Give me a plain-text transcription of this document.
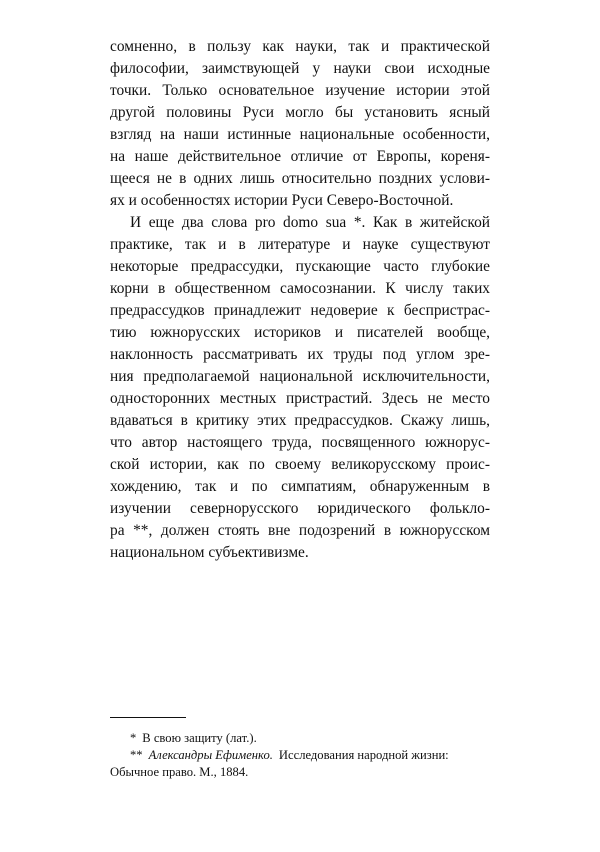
сомненно, в пользу как науки, так и практической
философии, заимствующей у науки свои исходные
точки. Только основательное изучение истории этой
другой половины Руси могло бы установить ясный
взгляд на наши истинные национальные особенности,
на наше действительное отличие от Европы, кореня-
щееся не в одних лишь относительно поздних услови-
ях и особенностях истории Руси Северо-Восточной.
И еще два слова pro domo sua *. Как в житейской
практике, так и в литературе и науке существуют
некоторые предрассудки, пускающие часто глубокие
корни в общественном самосознании. К числу таких
предрассудков принадлежит недоверие к беспристрас-
тию южнорусских историков и писателей вообще,
наклонность рассматривать их труды под углом зре-
ния предполагаемой национальной исключительности,
односторонних местных пристрастий. Здесь не место
вдаваться в критику этих предрассудков. Скажу лишь,
что автор настоящего труда, посвященного южнорус-
ской истории, как по своему великорусскому проис-
хождению, так и по симпатиям, обнаруженным в
изучении северноруccкого юридического фолькло-
ра **, должен стоять вне подозрений в южнорусском
национальном субъективизме.
* В свою защиту (лат.).
** Александры Ефименко. Исследования народной жизни:
Обычное право. М., 1884.
